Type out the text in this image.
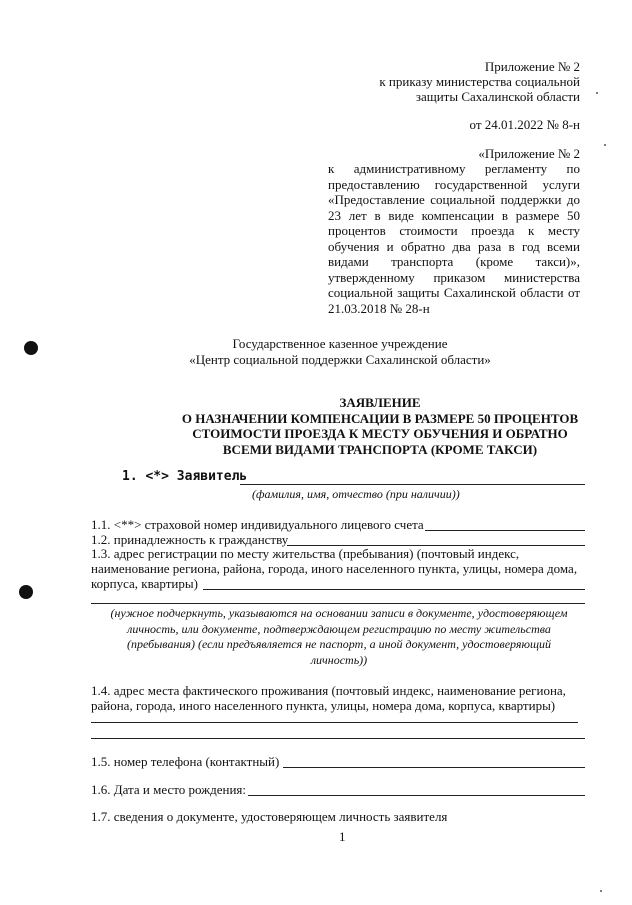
Приложение № 2
к приказу министерства социальной
защиты Сахалинской области
от 24.01.2022 № 8-н
«Приложение № 2
к административному регламенту по
предоставлению государственной услуги
«Предоставление социальной поддержки до
23 лет в виде компенсации в размере 50
процентов стоимости проезда к месту
обучения и обратно два раза в год всеми
видами транспорта (кроме такси)»,
утвержденному приказом министерства
социальной защиты Сахалинской области от
21.03.2018 № 28-н
Государственное казенное учреждение
«Центр социальной поддержки Сахалинской области»
ЗАЯВЛЕНИЕ
О НАЗНАЧЕНИИ КОМПЕНСАЦИИ В РАЗМЕРЕ 50 ПРОЦЕНТОВ
СТОИМОСТИ ПРОЕЗДА К МЕСТУ ОБУЧЕНИЯ И ОБРАТНО
ВСЕМИ ВИДАМИ ТРАНСПОРТА (КРОМЕ ТАКСИ)
1. <*> Заявитель
(фамилия, имя, отчество (при наличии))
1.1. <**> страховой номер индивидуального лицевого счета
1.2. принадлежность к гражданству
1.3. адрес регистрации по месту жительства (пребывания) (почтовый индекс,
наименование региона, района, города, иного населенного пункта, улицы, номера дома,
корпуса, квартиры)
(нужное подчеркнуть, указываются на основании записи в документе, удостоверяющем
личность, или документе, подтверждающем регистрацию по месту жительства
(пребывания) (если предъявляется не паспорт, а иной документ, удостоверяющий
личность))
1.4. адрес места фактического проживания (почтовый индекс, наименование региона,
района, города, иного населенного пункта, улицы, номера дома, корпуса, квартиры)
1.5. номер телефона (контактный)
1.6. Дата и место рождения:
1.7. сведения о документе, удостоверяющем личность заявителя
1
